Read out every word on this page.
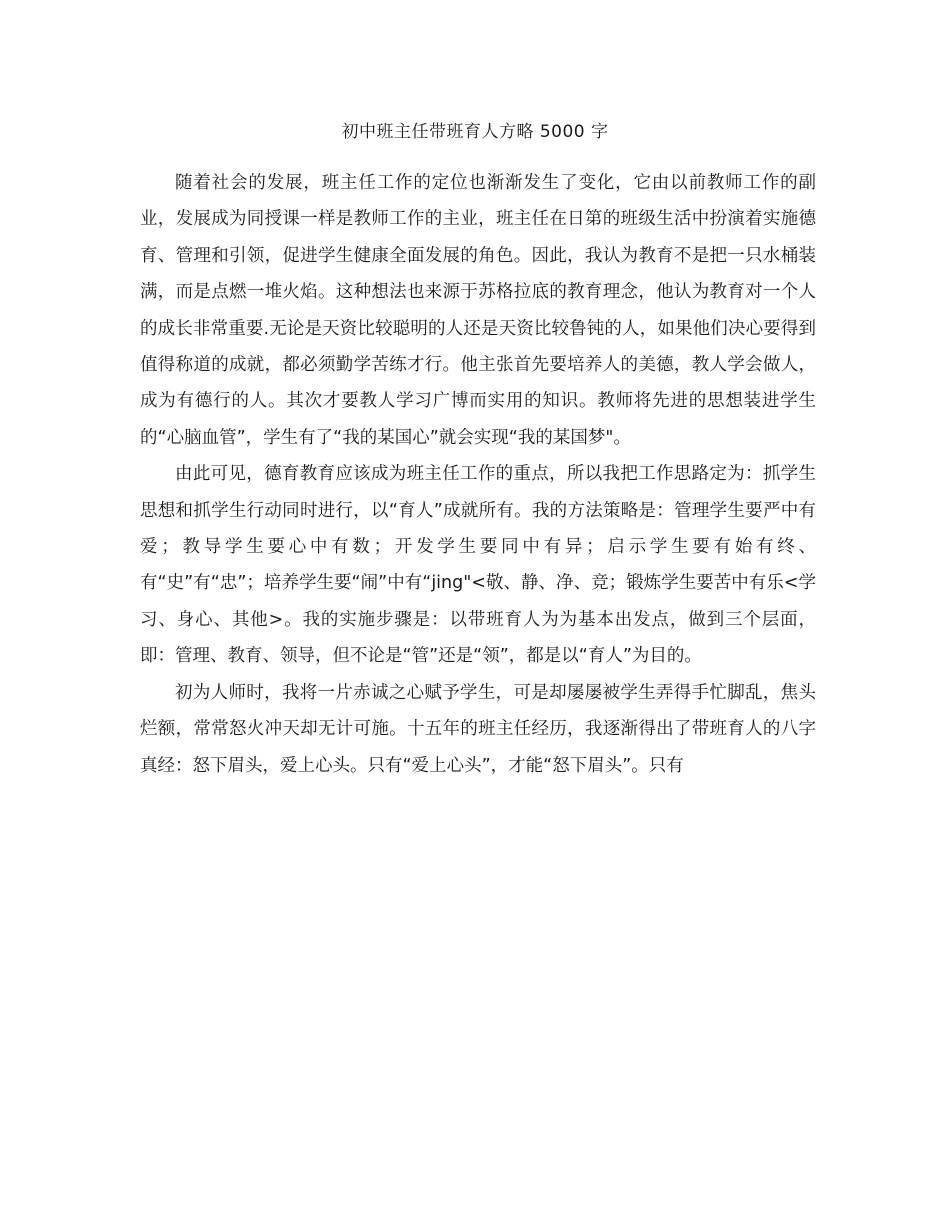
初中班主任带班育人方略 5000 字

随着社会的发展，班主任工作的定位也渐渐发生了变化，它由以前教师工作的副业，发展成为同授课一样是教师工作的主业，班主任在日第的班级生活中扮演着实施德育、管理和引领，促进学生健康全面发展的角色。因此，我认为教育不是把一只水桶装满，而是点燃一堆火焰。这种想法也来源于苏格拉底的教育理念，他认为教育对一个人的成长非常重要.无论是天资比较聪明的人还是天资比较鲁钝的人，如果他们决心要得到值得称道的成就，都必须勤学苦练才行。他主张首先要培养人的美德，教人学会做人，成为有德行的人。其次才要教人学习广博而实用的知识。教师将先进的思想装进学生的“心脑血管”，学生有了“我的某国心”就会实现“我的某国梦"。

由此可见，德育教育应该成为班主任工作的重点，所以我把工作思路定为：抓学生思想和抓学生行动同时进行，以“育人”成就所有。我的方法策略是：管理学生要严中有爱；教导学生要心中有数；开发学生要同中有异；启示学生要有始有终、有“史”有“忠”；培养学生要“闹”中有“jing"<敬、静、净、竞；锻炼学生要苦中有乐<学习、身心、其他>。我的实施步骤是：以带班育人为为基本出发点，做到三个层面，即：管理、教育、领导，但不论是“管”还是“领”，都是以“育人”为目的。

初为人师时，我将一片赤诚之心赋予学生，可是却屡屡被学生弄得手忙脚乱，焦头烂额，常常怒火冲天却无计可施。十五年的班主任经历，我逐渐得出了带班育人的八字真经：怒下眉头，爱上心头。只有“爱上心头”，才能“怒下眉头”。只有
